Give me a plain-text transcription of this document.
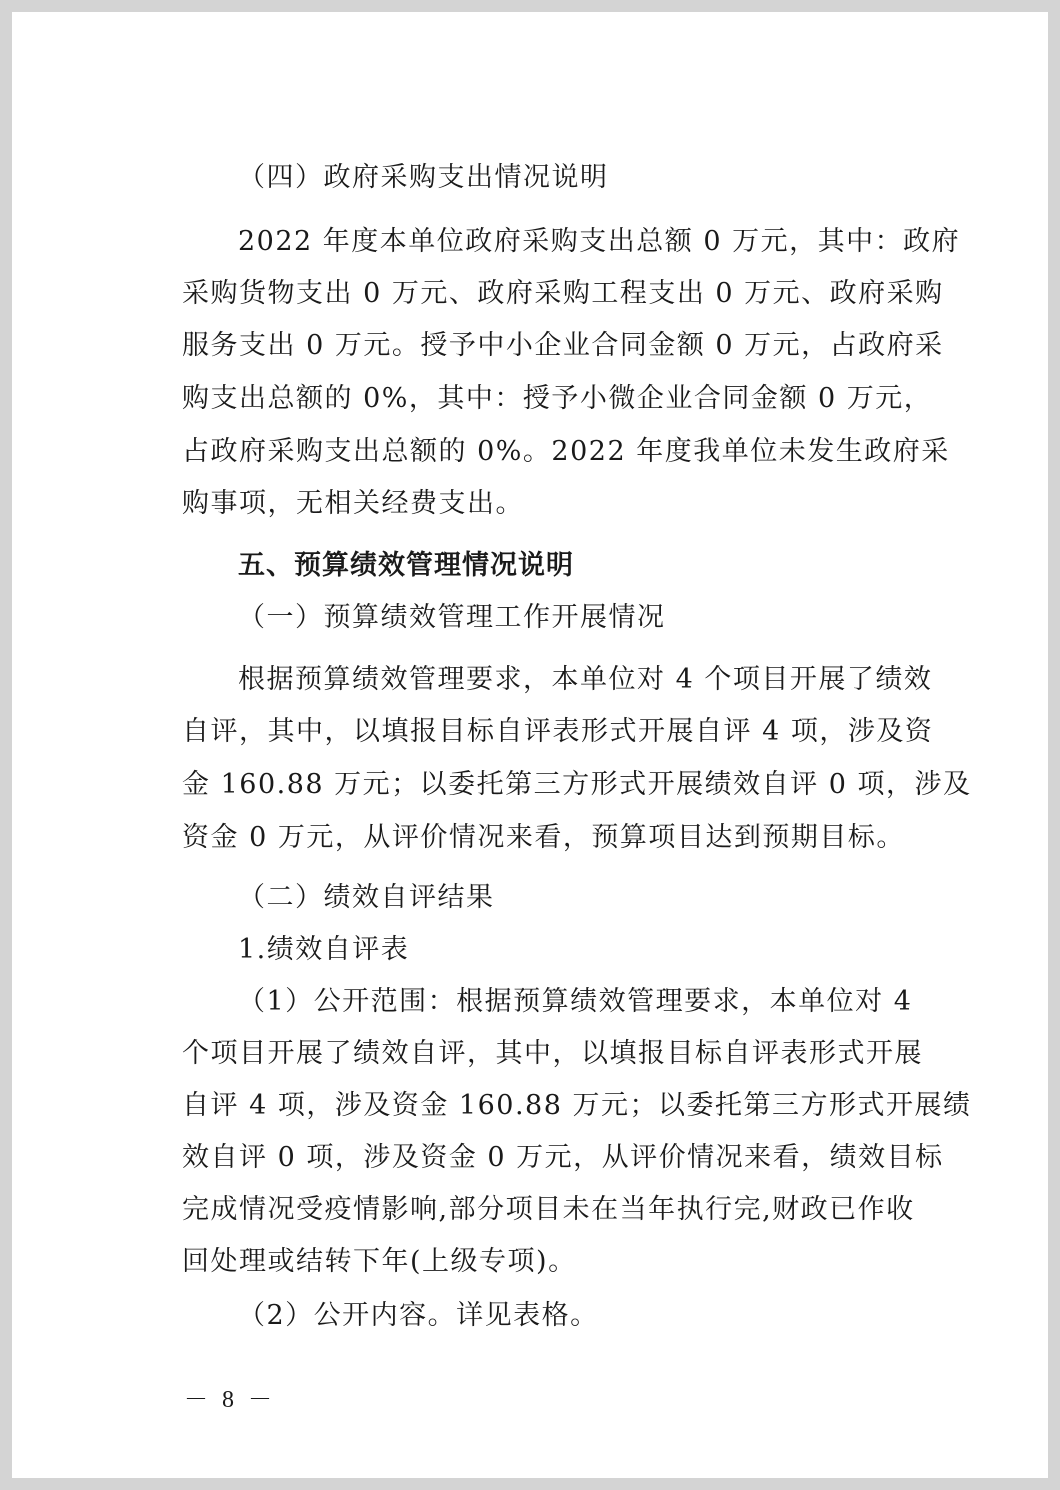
（四）政府采购支出情况说明
2022 年度本单位政府采购支出总额 0 万元，其中：政府
采购货物支出 0 万元、政府采购工程支出 0 万元、政府采购
服务支出 0 万元。授予中小企业合同金额 0 万元，占政府采
购支出总额的 0%，其中：授予小微企业合同金额 0 万元，
占政府采购支出总额的 0%。2022 年度我单位未发生政府采
购事项，无相关经费支出。
五、预算绩效管理情况说明
（一）预算绩效管理工作开展情况
根据预算绩效管理要求，本单位对 4 个项目开展了绩效
自评，其中，以填报目标自评表形式开展自评 4 项，涉及资
金 160.88 万元；以委托第三方形式开展绩效自评 0 项，涉及
资金 0 万元，从评价情况来看，预算项目达到预期目标。
（二）绩效自评结果
1.绩效自评表
（1）公开范围：根据预算绩效管理要求，本单位对 4
个项目开展了绩效自评，其中，以填报目标自评表形式开展
自评 4 项，涉及资金 160.88 万元；以委托第三方形式开展绩
效自评 0 项，涉及资金 0 万元，从评价情况来看，绩效目标
完成情况受疫情影响,部分项目未在当年执行完,财政已作收
回处理或结转下年(上级专项)。
（2）公开内容。详见表格。
－ 8 －
